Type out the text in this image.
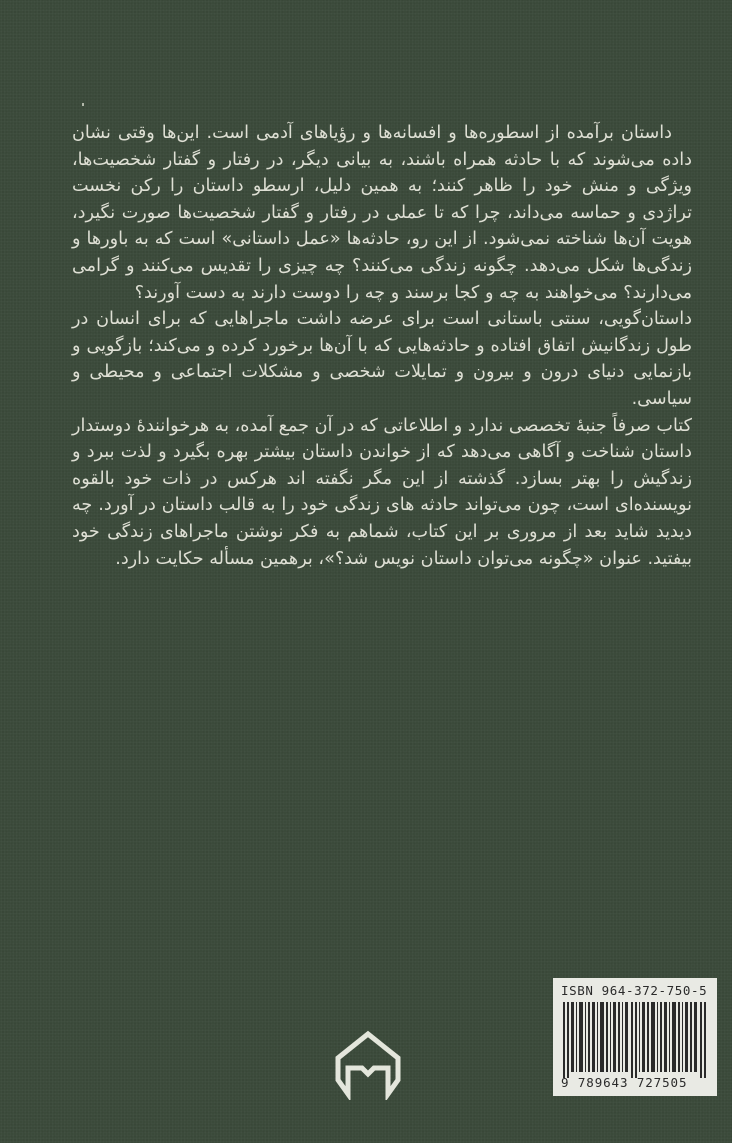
داستان برآمده از اسطوره‌ها و افسانه‌ها و رؤیاهای آدمی است. این‌ها وقتی نشان داده می‌شوند که با حادثه همراه باشند، به بیانی دیگر، در رفتار و گفتار شخصیت‌ها، ویژگی و منش خود را ظاهر کنند؛ به همین دلیل، ارسطو داستان را رکن نخست تراژدی و حماسه می‌داند، چرا که تا عملی در رفتار و گفتار شخصیت‌ها صورت نگیرد، هویت آن‌ها شناخته نمی‌شود. از این رو، حادثه‌ها «عمل داستانی» است که به باورها و زندگی‌ها شکل می‌دهد. چگونه زندگی می‌کنند؟ چه چیزی را تقدیس می‌کنند و گرامی می‌دارند؟ می‌خواهند به چه و کجا برسند و چه را دوست دارند به دست آورند؟

داستان‌گویی، سنتی باستانی است برای عرضه داشت ماجراهایی که برای انسان در طول زندگانیش اتفاق افتاده و حادثه‌هایی که با آن‌ها برخورد کرده و می‌کند؛ بازگویی و بازنمایی دنیای درون و بیرون و تمایلات شخصی و مشکلات اجتماعی و محیطی و سیاسی.

کتاب صرفاً جنبهٔ تخصصی ندارد و اطلاعاتی که در آن جمع آمده، به هرخوانندهٔ دوستدار داستان شناخت و آگاهی می‌دهد که از خواندن داستان بیشتر بهره بگیرد و لذت ببرد و زندگیش را بهتر بسازد. گذشته از این مگر نگفته اند هرکس در ذات خود بالقوه نویسنده‌ای است، چون می‌تواند حادثه های زندگی خود را به قالب داستان در آورد. چه دیدید شاید بعد از مروری بر این کتاب، شماهم به فکر نوشتن ماجراهای زندگی خود بیفتید. عنوان «چگونه می‌توان داستان نویس شد؟»، برهمین مسأله حکایت دارد.

ISBN 964-372-750-5
9 789643 727505
